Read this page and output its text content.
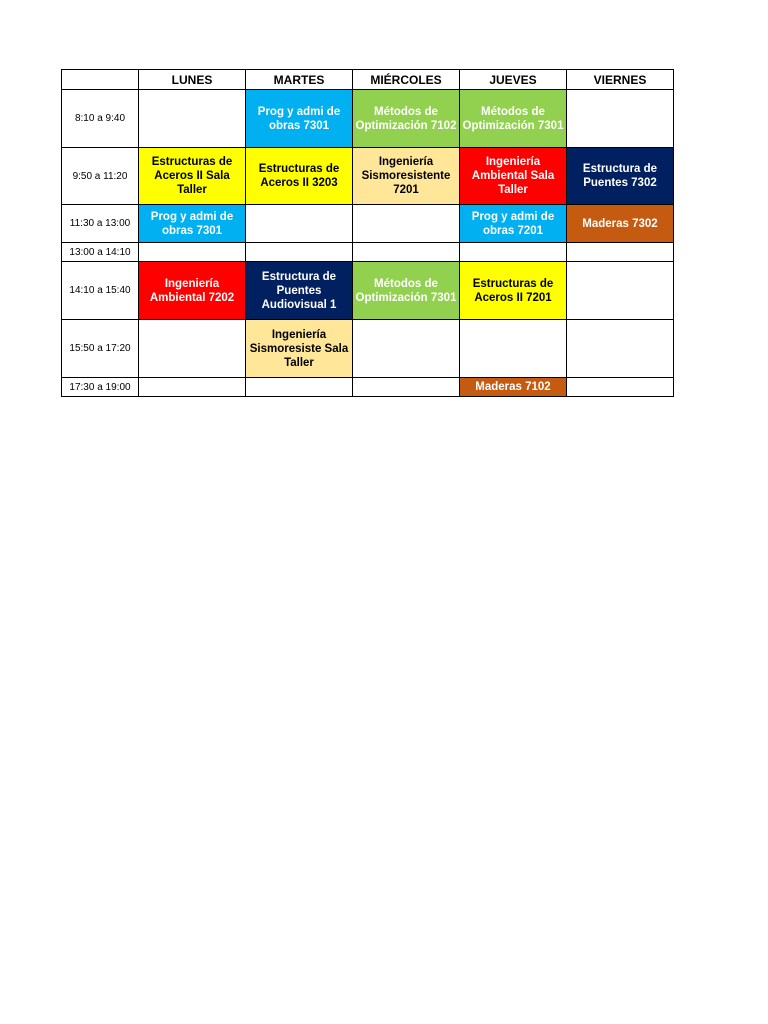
	LUNES	MARTES	MIÉRCOLES	JUEVES	VIERNES
8:10 a 9:40		Prog y admi de obras 7301	Métodos de Optimización 7102	Métodos de Optimización 7301	
9:50 a 11:20	Estructuras de Aceros II Sala Taller	Estructuras de Aceros II 3203	Ingeniería Sismoresistente 7201	Ingeniería Ambiental Sala Taller	Estructura de Puentes 7302
11:30 a 13:00	Prog y admi de obras 7301			Prog y admi de obras 7201	Maderas 7302
13:00 a 14:10					
14:10 a 15:40	Ingeniería Ambiental 7202	Estructura de Puentes Audiovisual 1	Métodos de Optimización 7301	Estructuras de Aceros II 7201	
15:50 a 17:20		Ingeniería Sismoresiste Sala Taller			
17:30 a 19:00				Maderas 7102	
